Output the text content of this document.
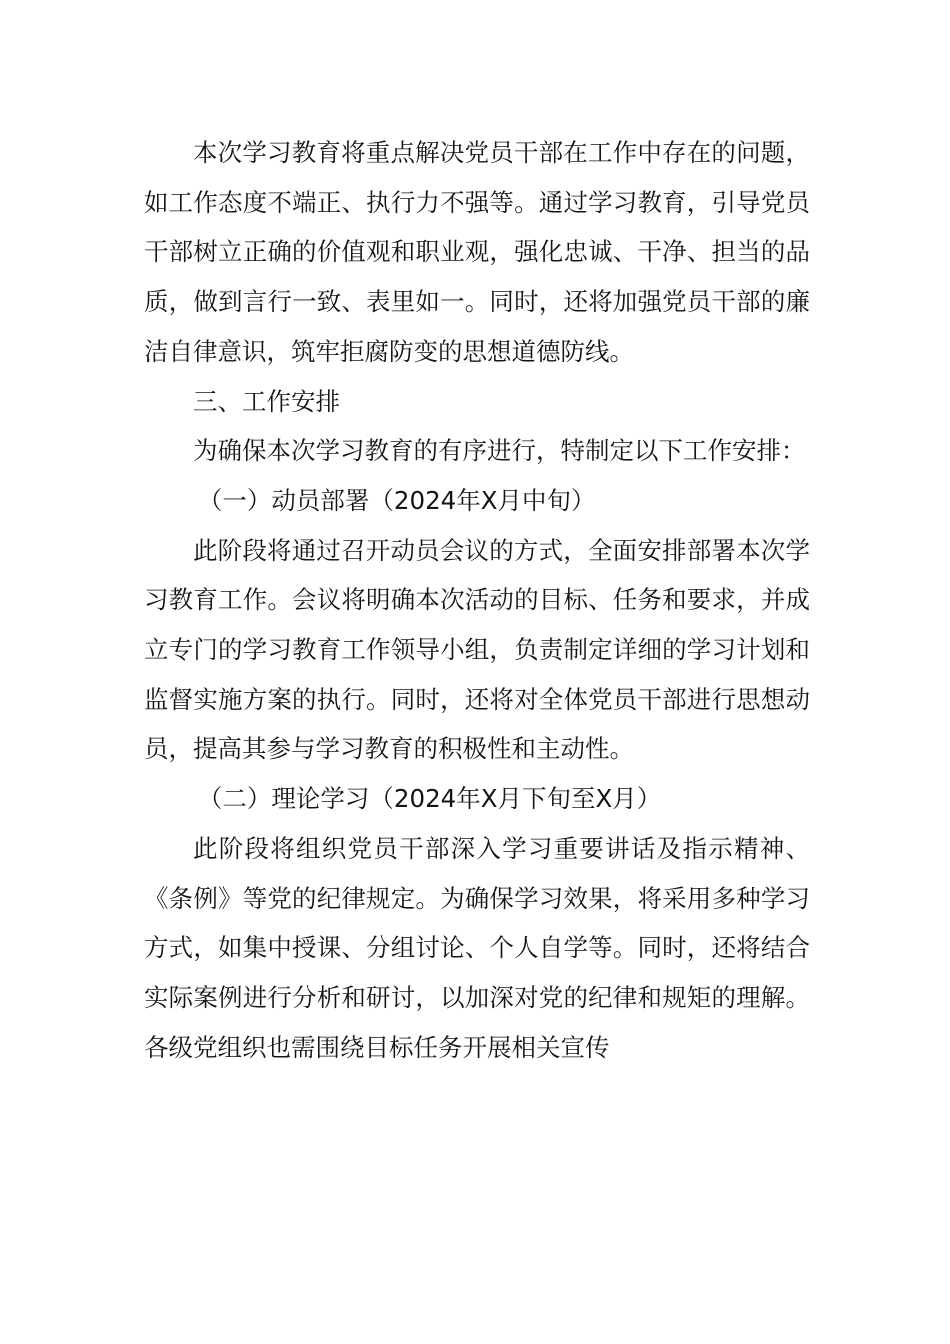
本次学习教育将重点解决党员干部在工作中存在的问题，如工作态度不端正、执行力不强等。通过学习教育，引导党员干部树立正确的价值观和职业观，强化忠诚、干净、担当的品质，做到言行一致、表里如一。同时，还将加强党员干部的廉洁自律意识，筑牢拒腐防变的思想道德防线。

三、工作安排

为确保本次学习教育的有序进行，特制定以下工作安排：

（一）动员部署（2024年X月中旬）

此阶段将通过召开动员会议的方式，全面安排部署本次学习教育工作。会议将明确本次活动的目标、任务和要求，并成立专门的学习教育工作领导小组，负责制定详细的学习计划和监督实施方案的执行。同时，还将对全体党员干部进行思想动员，提高其参与学习教育的积极性和主动性。

（二）理论学习（2024年X月下旬至X月）

此阶段将组织党员干部深入学习重要讲话及指示精神、《条例》等党的纪律规定。为确保学习效果，将采用多种学习方式，如集中授课、分组讨论、个人自学等。同时，还将结合实际案例进行分析和研讨，以加深对党的纪律和规矩的理解。各级党组织也需围绕目标任务开展相关宣传
